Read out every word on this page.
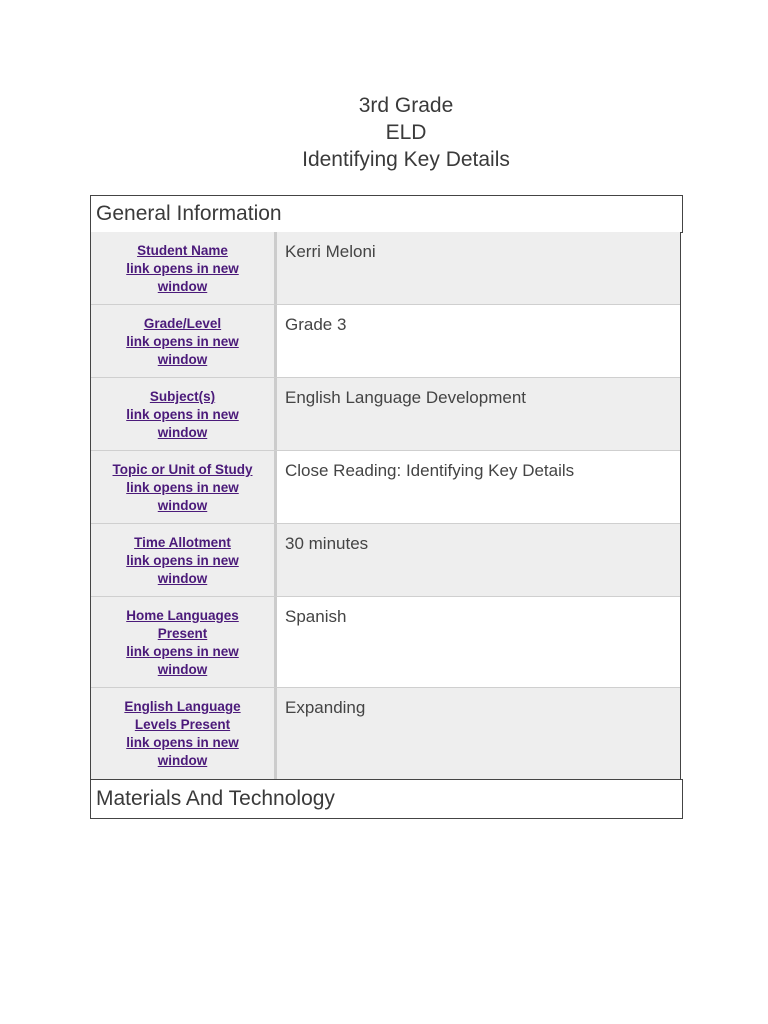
3rd Grade
ELD
Identifying Key Details
General Information
Student Name
link opens in new
window
Kerri Meloni
Grade/Level
link opens in new
window
Grade 3
Subject(s)
link opens in new
window
English Language Development
Topic or Unit of Study
link opens in new
window
Close Reading: Identifying Key Details
Time Allotment
link opens in new
window
30 minutes
Home Languages
Present
link opens in new
window
Spanish
English Language
Levels Present
link opens in new
window
Expanding
Materials And Technology
